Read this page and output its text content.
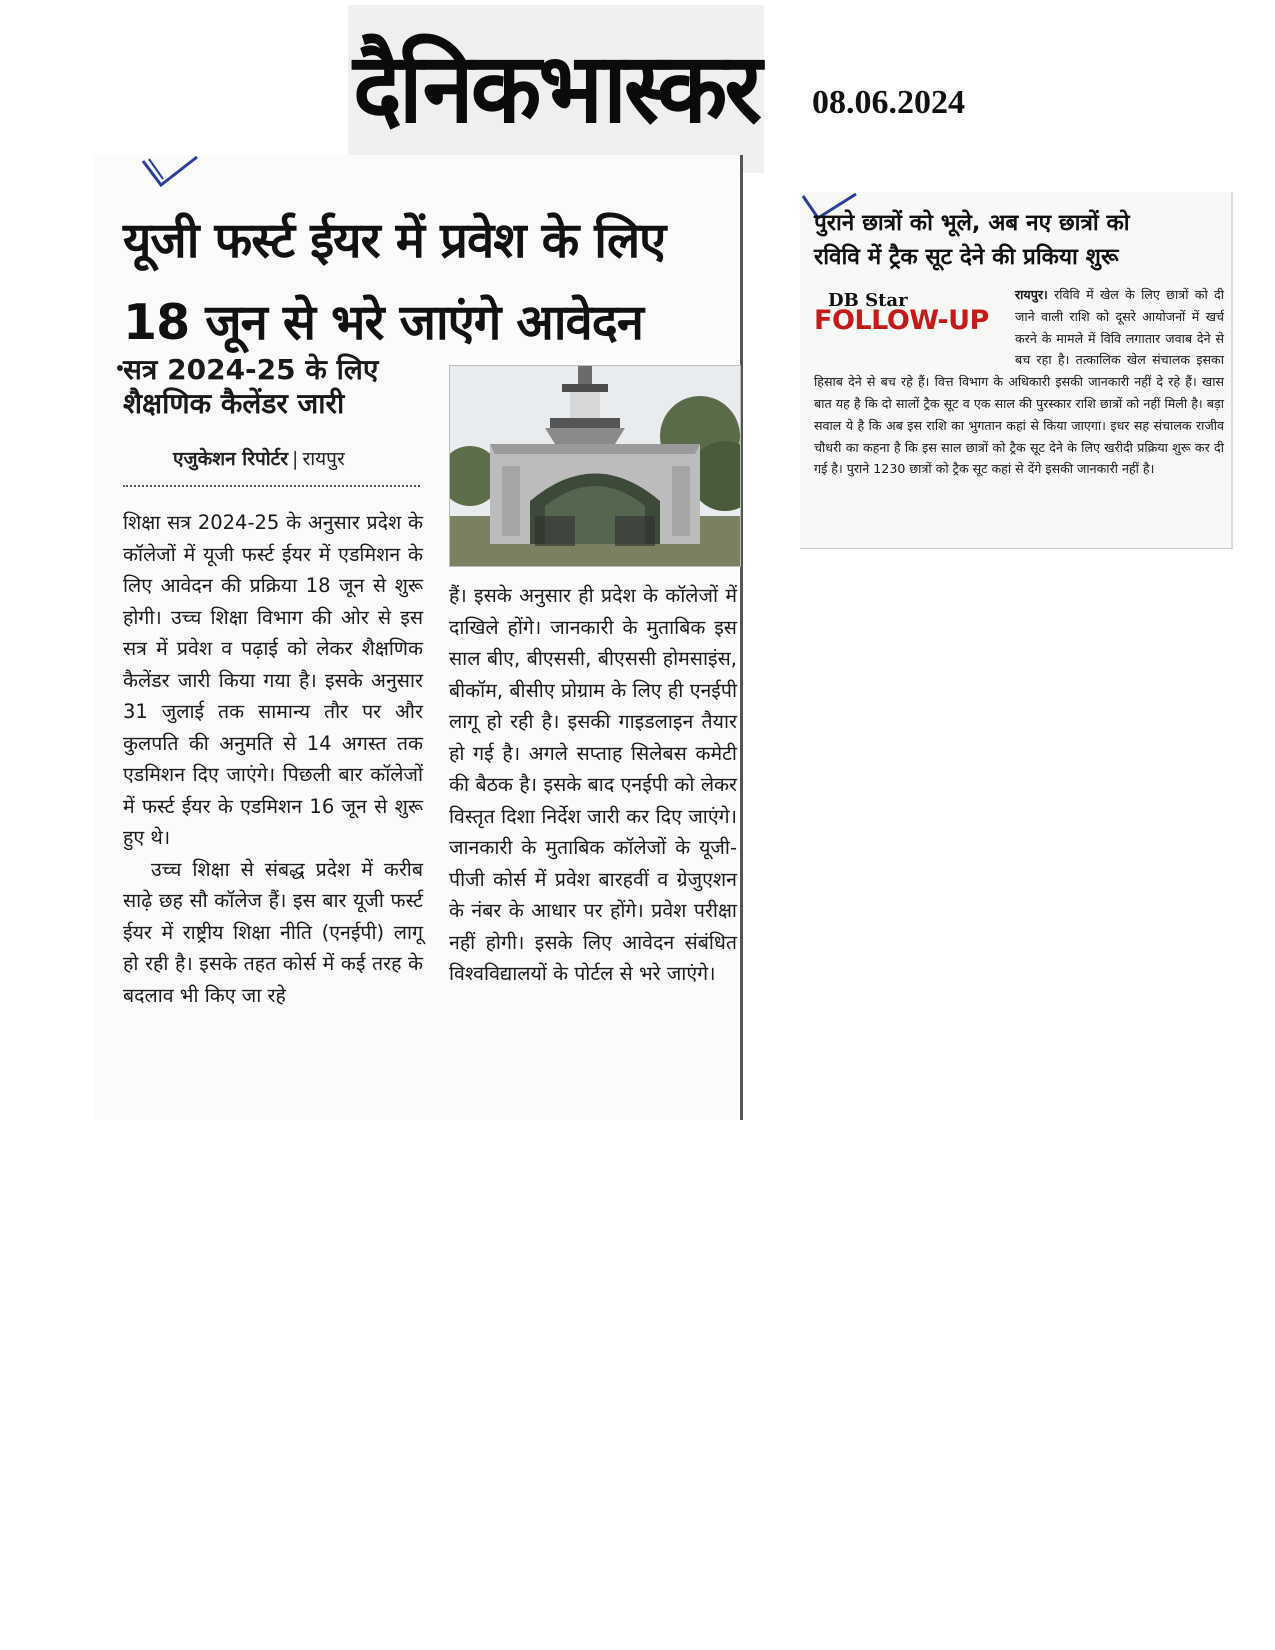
दैनिकभास्कर 08.06.2024
यूजी फर्स्ट ईयर में प्रवेश के लिए
18 जून से भरे जाएंगे आवेदन
सत्र 2024-25 के लिए
शैक्षणिक कैलेंडर जारी
एजुकेशन रिपोर्टर | रायपुर

शिक्षा सत्र 2024-25 के अनुसार प्रदेश के कॉलेजों में यूजी फर्स्ट ईयर में एडमिशन के लिए आवेदन की प्रक्रिया 18 जून से शुरू होगी। उच्च शिक्षा विभाग की ओर से इस सत्र में प्रवेश व पढ़ाई को लेकर शैक्षणिक कैलेंडर जारी किया गया है। इसके अनुसार 31 जुलाई तक सामान्य तौर पर और कुलपति की अनुमति से 14 अगस्त तक एडमिशन दिए जाएंगे। पिछली बार कॉलेजों में फर्स्ट ईयर के एडमिशन 16 जून से शुरू हुए थे।

उच्च शिक्षा से संबद्ध प्रदेश में करीब साढ़े छह सौ कॉलेज हैं। इस बार यूजी फर्स्ट ईयर में राष्ट्रीय शिक्षा नीति (एनईपी) लागू हो रही है। इसके तहत कोर्स में कई तरह के बदलाव भी किए जा रहे

हैं। इसके अनुसार ही प्रदेश के कॉलेजों में दाखिले होंगे। जानकारी के मुताबिक इस साल बीए, बीएससी, बीएससी होमसाइंस, बीकॉम, बीसीए प्रोग्राम के लिए ही एनईपी लागू हो रही है। इसकी गाइडलाइन तैयार हो गई है। अगले सप्ताह सिलेबस कमेटी की बैठक है। इसके बाद एनईपी को लेकर विस्तृत दिशा निर्देश जारी कर दिए जाएंगे। जानकारी के मुताबिक कॉलेजों के यूजी-पीजी कोर्स में प्रवेश बारहवीं व ग्रेजुएशन के नंबर के आधार पर होंगे। प्रवेश परीक्षा नहीं होगी। इसके लिए आवेदन संबंधित विश्वविद्यालयों के पोर्टल से भरे जाएंगे।

पुराने छात्रों को भूले, अब नए छात्रों को
रविवि में ट्रैक सूट देने की प्रकिया शुरू
DB Star
FOLLOW-UP
रायपुर। रविवि में खेल के लिए छात्रों को दी जाने वाली राशि को दूसरे आयोजनों में खर्च करने के मामले में विवि लगातार जवाब देने से बच रहा है। तत्कालिक खेल संचालक इसका हिसाब देने से बच रहे हैं। वित्त विभाग के अधिकारी इसकी जानकारी नहीं दे रहे हैं। खास बात यह है कि दो सालों ट्रैक सूट व एक साल की पुरस्कार राशि छात्रों को नहीं मिली है। बड़ा सवाल ये है कि अब इस राशि का भुगतान कहां से किया जाएगा। इधर सह संचालक राजीव चौधरी का कहना है कि इस साल छात्रों को ट्रैक सूट देने के लिए खरीदी प्रक्रिया शुरू कर दी गई है। पुराने 1230 छात्रों को ट्रैक सूट कहां से देंगे इसकी जानकारी नहीं है।
